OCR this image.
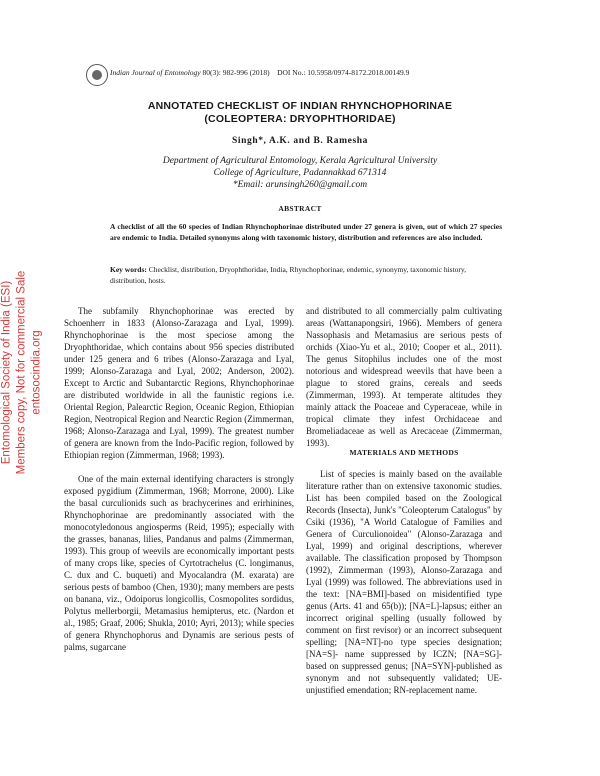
Entomological Society of India (ESI) Members copy, Not for commercial Sale entosocindia.org
Indian Journal of Entomology 80(3): 982-996 (2018) DOI No.: 10.5958/0974-8172.2018.00149.9
ANNOTATED CHECKLIST OF INDIAN RHYNCHOPHORINAE
(COLEOPTERA: DRYOPHTHORIDAE)
Singh*, A.K. and B. Ramesha
Department of Agricultural Entomology, Kerala Agricultural University
College of Agriculture, Padannakkad 671314
*Email: arunsingh260@gmail.com
ABSTRACT
A checklist of all the 60 species of Indian Rhynchophorinae distributed under 27 genera is given, out of which 27 species are endemic to India. Detailed synonyms along with taxonomic history, distribution and references are also included.
Key words: Checklist, distribution, Dryophthoridae, India, Rhynchophorinae, endemic, synonymy, taxonomic history, distribution, hosts.

The subfamily Rhynchophorinae was erected by Schoenherr in 1833 (Alonso-Zarazaga and Lyal, 1999). Rhynchophorinae is the most speciose among the Dryophthoridae, which contains about 956 species distributed under 125 genera and 6 tribes (Alonso-Zarazaga and Lyal, 1999; Alonso-Zarazaga and Lyal, 2002; Anderson, 2002). Except to Arctic and Subantarctic Regions, Rhynchophorinae are distributed worldwide in all the faunistic regions i.e. Oriental Region, Palearctic Region, Oceanic Region, Ethiopian Region, Neotropical Region and Nearctic Region (Zimmerman, 1968; Alonso-Zarazaga and Lyal, 1999). The greatest number of genera are known from the Indo-Pacific region, followed by Ethiopian region (Zimmerman, 1968; 1993).

One of the main external identifying characters is strongly exposed pygidium (Zimmerman, 1968; Morrone, 2000). Like the basal curculionids such as brachycerines and erirhinines, Rhynchophorinae are predominantly associated with the monocotyledonous angiosperms (Reid, 1995); especially with the grasses, bananas, lilies, Pandanus and palms (Zimmerman, 1993). This group of weevils are economically important pests of many crops like, species of Cyrtotrachelus (C. longimanus, C. dux and C. buqueti) and Myocalandra (M. exarata) are serious pests of bamboo (Chen, 1930); many members are pests on banana, viz., Odoiporus longicollis, Cosmopolites sordidus, Polytus mellerborgii, Metamasius hemipterus, etc. (Nardon et al., 1985; Graaf, 2006; Shukla, 2010; Ayri, 2013); while species of genera Rhynchophorus and Dynamis are serious pests of palms, sugarcane

and distributed to all commercially palm cultivating areas (Wattanapongsiri, 1966). Members of genera Nassophasis and Metamasius are serious pests of orchids (Xiao-Yu et al., 2010; Cooper et al., 2011). The genus Sitophilus includes one of the most notorious and widespread weevils that have been a plague to stored grains, cereals and seeds (Zimmerman, 1993). At temperate altitudes they mainly attack the Poaceae and Cyperaceae, while in tropical climate they infest Orchidaceae and Bromeliadaceae as well as Arecaceae (Zimmerman, 1993).

MATERIALS AND METHODS

List of species is mainly based on the available literature rather than on extensive taxonomic studies. List has been compiled based on the Zoological Records (Insecta), Junk's "Coleopterum Catalogus" by Csiki (1936), "A World Catalogue of Families and Genera of Curculionoidea" (Alonso-Zarazaga and Lyal, 1999) and original descriptions, wherever available. The classification proposed by Thompson (1992), Zimmerman (1993), Alonso-Zarazaga and Lyal (1999) was followed. The abbreviations used in the text: [NA=BMI]-based on misidentified type genus (Arts. 41 and 65(b)); [NA=L]-lapsus; either an incorrect original spelling (usually followed by comment on first revisor) or an incorrect subsequent spelling; [NA=NT]-no type species designation; [NA=S]- name suppressed by ICZN; [NA=SG]- based on suppressed genus; [NA=SYN]-published as synonym and not subsequently validated; UE-unjustified emendation; RN-replacement name.
